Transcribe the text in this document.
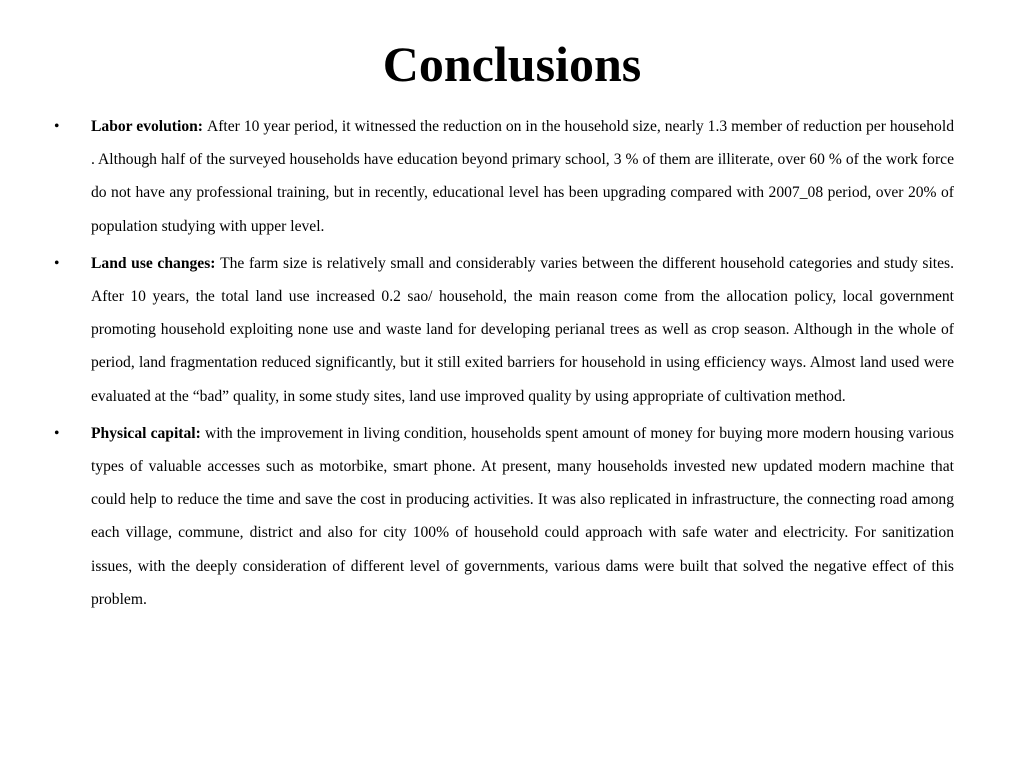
Conclusions
• Labor evolution: After 10 year period, it witnessed the reduction on in the household size, nearly 1.3 member of reduction per household . Although half of the surveyed households have education beyond primary school, 3 % of them are illiterate, over 60 % of the work force do not have any professional training, but in recently, educational level has been upgrading compared with 2007_08 period, over 20% of population studying with upper level.
• Land use changes: The farm size is relatively small and considerably varies between the different household categories and study sites. After 10 years, the total land use increased 0.2 sao/ household, the main reason come from the allocation policy, local government promoting household exploiting none use and waste land for developing perianal trees as well as crop season. Although in the whole of period, land fragmentation reduced significantly, but it still exited barriers for household in using efficiency ways. Almost land used were evaluated at the “bad” quality, in some study sites, land use improved quality by using appropriate of cultivation method.
• Physical capital: with the improvement in living condition, households spent amount of money for buying more modern housing various types of valuable accesses such as motorbike, smart phone. At present, many households invested new updated modern machine that could help to reduce the time and save the cost in producing activities. It was also replicated in infrastructure, the connecting road among each village, commune, district and also for city 100% of household could approach with safe water and electricity. For sanitization issues, with the deeply consideration of different level of governments, various dams were built that solved the negative effect of this problem.
